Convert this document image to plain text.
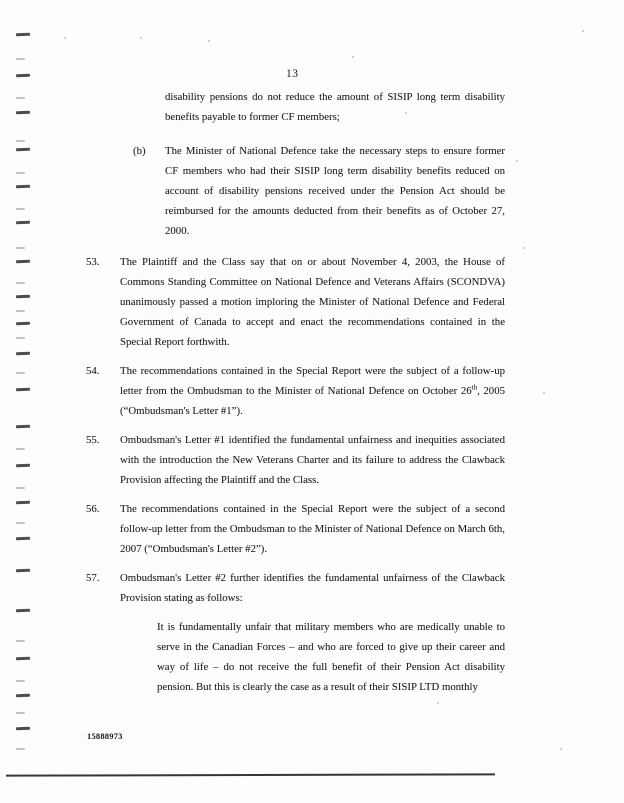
13
disability pensions do not reduce the amount of SISIP long term disability benefits payable to former CF members;
(b)	The Minister of National Defence take the necessary steps to ensure former CF members who had their SISIP long term disability benefits reduced on account of disability pensions received under the Pension Act should be reimbursed for the amounts deducted from their benefits as of October 27, 2000.
53.	The Plaintiff and the Class say that on or about November 4, 2003, the House of Commons Standing Committee on National Defence and Veterans Affairs (SCONDVA) unanimously passed a motion imploring the Minister of National Defence and Federal Government of Canada to accept and enact the recommendations contained in the Special Report forthwith.
54.	The recommendations contained in the Special Report were the subject of a follow-up letter from the Ombudsman to the Minister of National Defence on October 26th, 2005 (“Ombudsman's Letter #1”).
55.	Ombudsman's Letter #1 identified the fundamental unfairness and inequities associated with the introduction the New Veterans Charter and its failure to address the Clawback Provision affecting the Plaintiff and the Class.
56.	The recommendations contained in the Special Report were the subject of a second follow-up letter from the Ombudsman to the Minister of National Defence on March 6th, 2007 (“Ombudsman's Letter #2”).
57.	Ombudsman's Letter #2 further identifies the fundamental unfairness of the Clawback Provision stating as follows:
It is fundamentally unfair that military members who are medically unable to serve in the Canadian Forces – and who are forced to give up their career and way of life – do not receive the full benefit of their Pension Act disability pension. But this is clearly the case as a result of their SISIP LTD monthly
15888973
